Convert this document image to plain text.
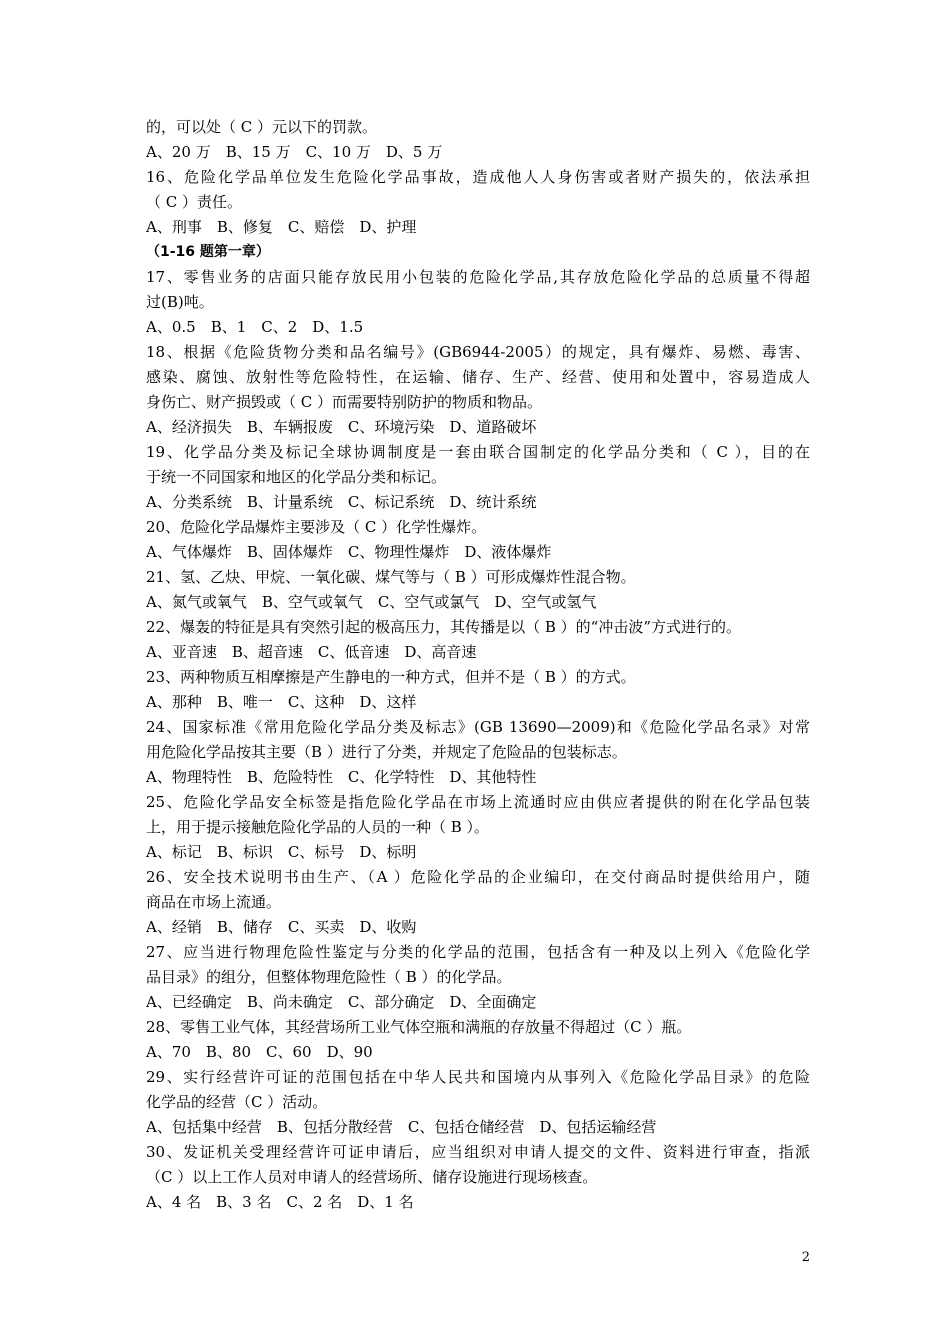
的，可以处（ C ）元以下的罚款。
A、20 万　B、15 万　C、10 万　D、5 万
16、危险化学品单位发生危险化学品事故，造成他人人身伤害或者财产损失的，依法承担
（ C ）责任。
A、刑事　B、修复　C、赔偿　D、护理
（1-16 题第一章）
17、零售业务的店面只能存放民用小包装的危险化学品,其存放危险化学品的总质量不得超
过(B)吨。
A、0.5　B、1　C、2　D、1.5
18、根据《危险货物分类和品名编号》(GB6944-2005）的规定，具有爆炸、易燃、毒害、
感染、腐蚀、放射性等危险特性，在运输、储存、生产、经营、使用和处置中，容易造成人
身伤亡、财产损毁或（ C ）而需要特别防护的物质和物品。
A、经济损失　B、车辆报废　C、环境污染　D、道路破坏
19、化学品分类及标记全球协调制度是一套由联合国制定的化学品分类和（ C ），目的在
于统一不同国家和地区的化学品分类和标记。
A、分类系统　B、计量系统　C、标记系统　D、统计系统
20、危险化学品爆炸主要涉及（ C ）化学性爆炸。
A、气体爆炸　B、固体爆炸　C、物理性爆炸　D、液体爆炸
21、氢、乙炔、甲烷、一氧化碳、煤气等与（ B ）可形成爆炸性混合物。
A、氮气或氧气　B、空气或氧气　C、空气或氯气　D、空气或氢气
22、爆轰的特征是具有突然引起的极高压力，其传播是以（ B ）的“冲击波”方式进行的。
A、亚音速　B、超音速　C、低音速　D、高音速
23、两种物质互相摩擦是产生静电的一种方式，但并不是（ B ）的方式。
A、那种　B、唯一　C、这种　D、这样
24、国家标准《常用危险化学品分类及标志》(GB 13690—2009)和《危险化学品名录》对常
用危险化学品按其主要（B ）进行了分类，并规定了危险品的包装标志。
A、物理特性　B、危险特性　C、化学特性　D、其他特性
25、危险化学品安全标签是指危险化学品在市场上流通时应由供应者提供的附在化学品包装
上，用于提示接触危险化学品的人员的一种（ B ）。
A、标记　B、标识　C、标号　D、标明
26、安全技术说明书由生产、（A ）危险化学品的企业编印，在交付商品时提供给用户，随
商品在市场上流通。
A、经销　B、储存　C、买卖　D、收购
27、应当进行物理危险性鉴定与分类的化学品的范围，包括含有一种及以上列入《危险化学
品目录》的组分，但整体物理危险性（ B ）的化学品。
A、已经确定　B、尚未确定　C、部分确定　D、全面确定
28、零售工业气体，其经营场所工业气体空瓶和满瓶的存放量不得超过（C ）瓶。
A、70　B、80　C、60　D、90
29、实行经营许可证的范围包括在中华人民共和国境内从事列入《危险化学品目录》的危险
化学品的经营（C ）活动。
A、包括集中经营　B、包括分散经营　C、包括仓储经营　D、包括运输经营
30、发证机关受理经营许可证申请后，应当组织对申请人提交的文件、资料进行审查，指派
（C ）以上工作人员对申请人的经营场所、储存设施进行现场核查。
A、4 名　B、3 名　C、2 名　D、1 名
2
